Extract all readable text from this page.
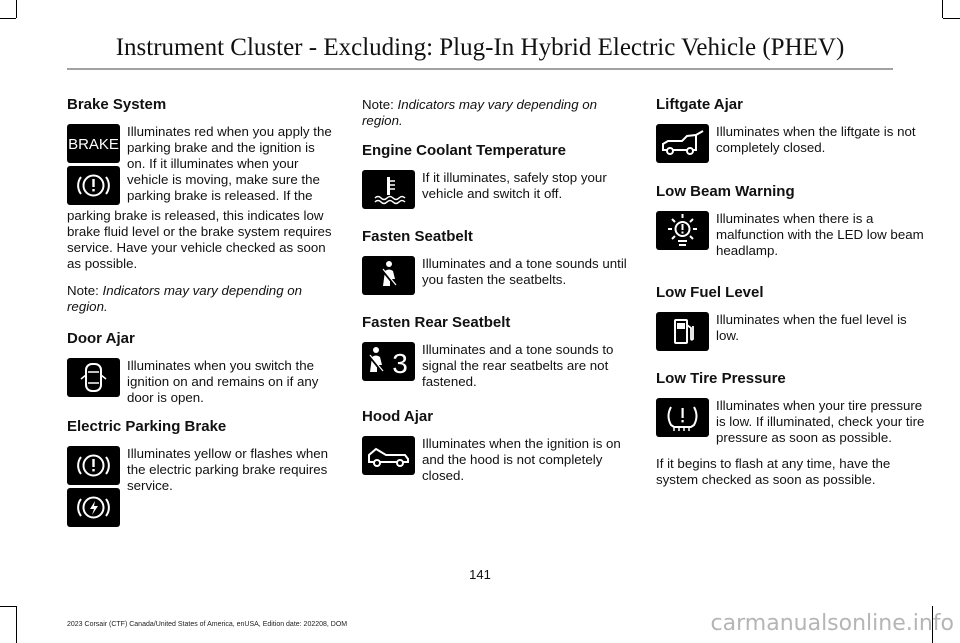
Instrument Cluster - Excluding: Plug-In Hybrid Electric Vehicle (PHEV)
Brake System
BRAKE
Illuminates red when you apply the parking brake and the ignition is on. If it illuminates when your vehicle is moving, make sure the parking brake is released. If the
parking brake is released, this indicates low brake fluid level or the brake system requires service. Have your vehicle checked as soon as possible.
Note: Indicators may vary depending on region.
Door Ajar
Illuminates when you switch the ignition on and remains on if any door is open.
Electric Parking Brake
Illuminates yellow or flashes when the electric parking brake requires service.
Note: Indicators may vary depending on region.
Engine Coolant Temperature
If it illuminates, safely stop your vehicle and switch it off.
Fasten Seatbelt
Illuminates and a tone sounds until you fasten the seatbelts.
Fasten Rear Seatbelt
3 Illuminates and a tone sounds to signal the rear seatbelts are not fastened.
Hood Ajar
Illuminates when the ignition is on and the hood is not completely closed.
Liftgate Ajar
Illuminates when the liftgate is not completely closed.
Low Beam Warning
Illuminates when there is a malfunction with the LED low beam headlamp.
Low Fuel Level
Illuminates when the fuel level is low.
Low Tire Pressure
Illuminates when your tire pressure is low. If illuminated, check your tire pressure as soon as possible.
If it begins to flash at any time, have the system checked as soon as possible.
141
2023 Corsair (CTF) Canada/United States of America, enUSA, Edition date: 202208, DOM	carmanualsonline.info
